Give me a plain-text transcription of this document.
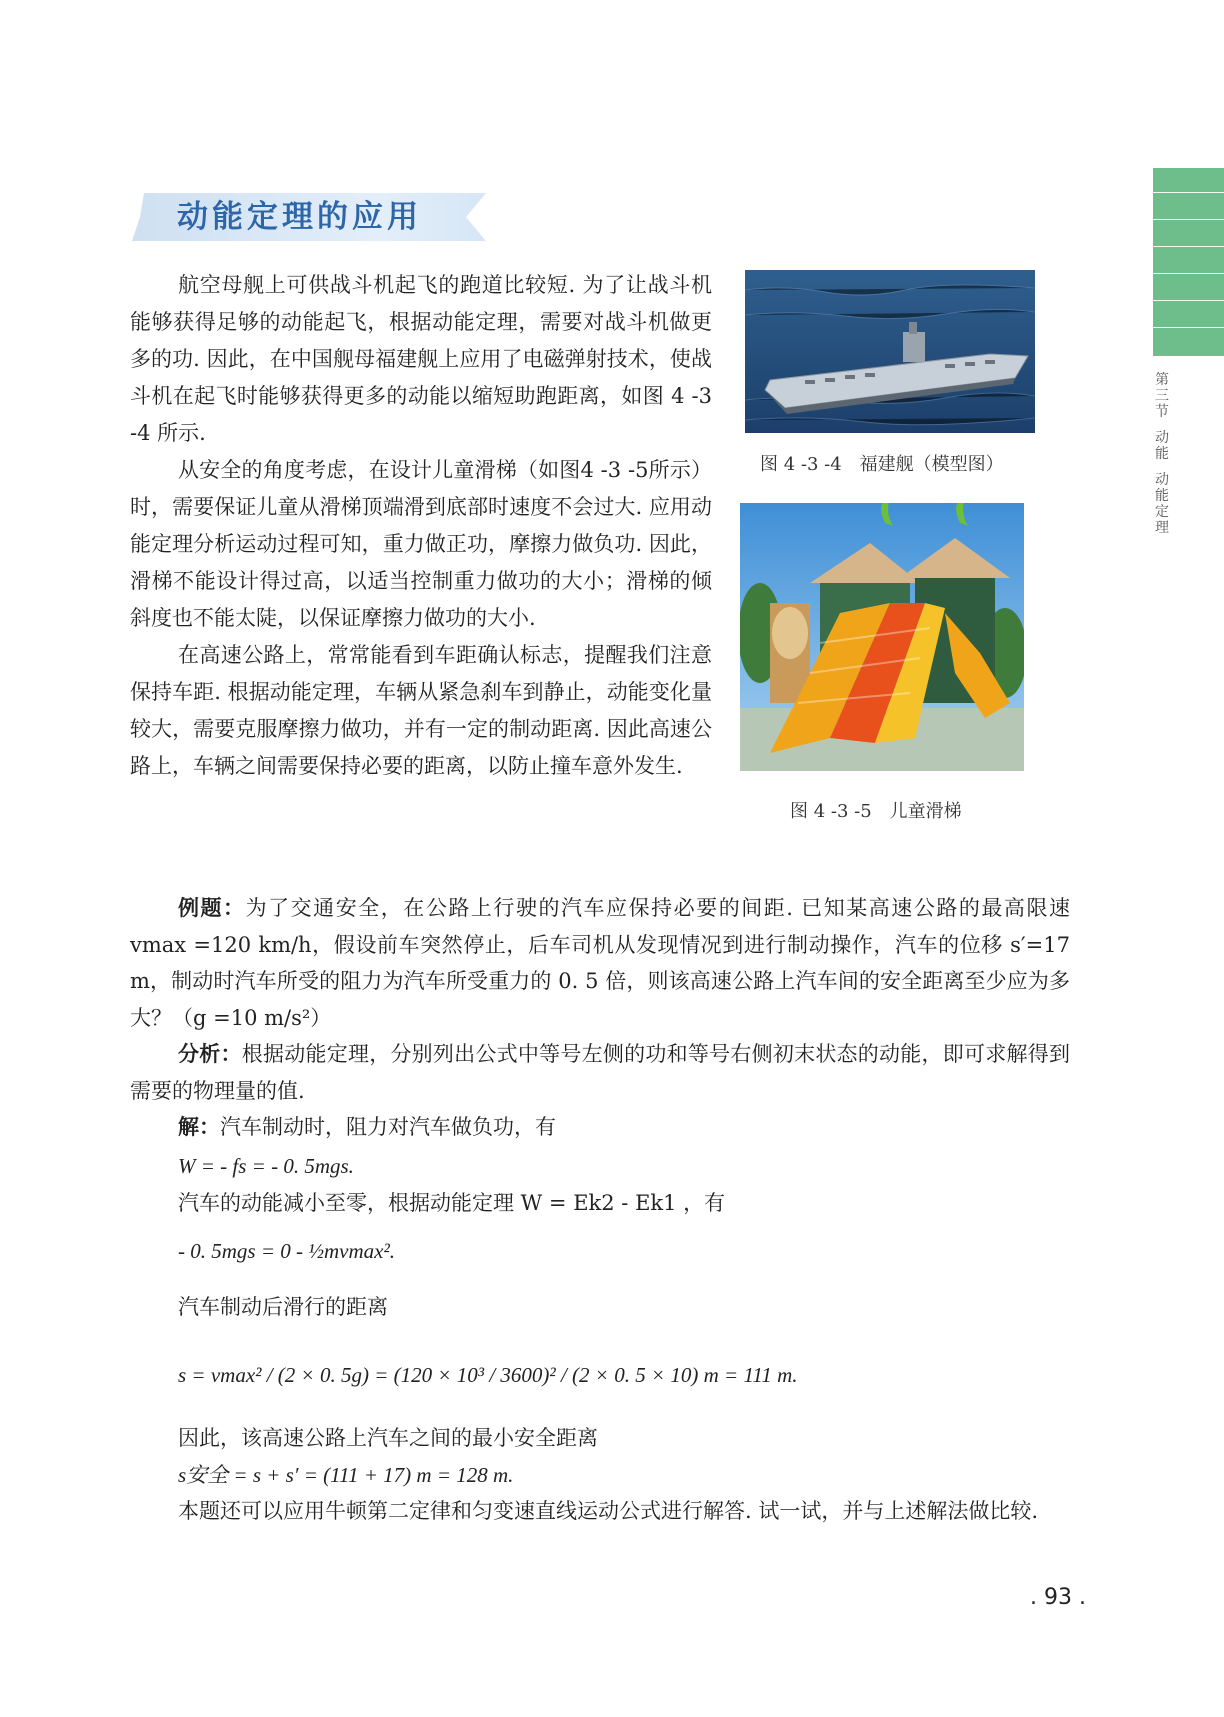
第三节
动能
动能定理
动能定理的应用
航空母舰上可供战斗机起飞的跑道比较短. 为了让战斗机能够获得足够的动能起飞，根据动能定理，需要对战斗机做更多的功. 因此，在中国舰母福建舰上应用了电磁弹射技术，使战斗机在起飞时能够获得更多的动能以缩短助跑距离，如图 4 -3 -4 所示.
从安全的角度考虑，在设计儿童滑梯（如图4 -3 -5所示）时，需要保证儿童从滑梯顶端滑到底部时速度不会过大. 应用动能定理分析运动过程可知，重力做正功，摩擦力做负功. 因此，滑梯不能设计得过高，以适当控制重力做功的大小；滑梯的倾斜度也不能太陡，以保证摩擦力做功的大小.
在高速公路上，常常能看到车距确认标志，提醒我们注意保持车距. 根据动能定理，车辆从紧急刹车到静止，动能变化量较大，需要克服摩擦力做功，并有一定的制动距离. 因此高速公路上，车辆之间需要保持必要的距离，以防止撞车意外发生.
图 4 -3 -4　福建舰（模型图）
图 4 -3 -5　儿童滑梯

例题：为了交通安全，在公路上行驶的汽车应保持必要的间距. 已知某高速公路的最高限速 vmax =120 km/h，假设前车突然停止，后车司机从发现情况到进行制动操作，汽车的位移 s′=17 m，制动时汽车所受的阻力为汽车所受重力的 0. 5 倍，则该高速公路上汽车间的安全距离至少应为多大？（g =10 m/s²）

分析：根据动能定理，分别列出公式中等号左侧的功和等号右侧初末状态的动能，即可求解得到需要的物理量的值.

解：汽车制动时，阻力对汽车做负功，有

W = - fs = - 0. 5mgs.
汽车的动能减小至零，根据动能定理 W = Ek2 - Ek1 ，有
- 0. 5mgs = 0 - ½mvmax².
汽车制动后滑行的距离
s = vmax² / (2 × 0. 5g) = (120 × 10³ / 3600)² / (2 × 0. 5 × 10) m = 111 m.
因此，该高速公路上汽车之间的最小安全距离
s安全 = s + s′ = (111 + 17) m = 128 m.
本题还可以应用牛顿第二定律和匀变速直线运动公式进行解答. 试一试，并与上述解法做比较.
. 93 .
